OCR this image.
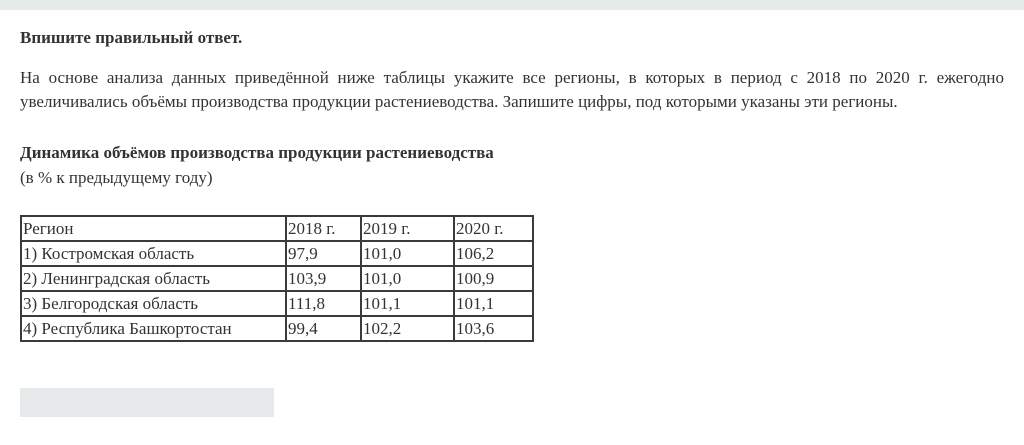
Впишите правильный ответ.
На основе анализа данных приведённой ниже таблицы укажите все регионы, в которых в период с 2018 по 2020 г. ежегодно увеличивались объёмы производства продукции растениеводства. Запишите цифры, под которыми указаны эти регионы.
Динамика объёмов производства продукции растениеводства
(в % к предыдущему году)
Регион	2018 г.	2019 г.	2020 г.
1) Костромская область	97,9	101,0	106,2
2) Ленинградская область	103,9	101,0	100,9
3) Белгородская область	111,8	101,1	101,1
4) Республика Башкортостан	99,4	102,2	103,6
